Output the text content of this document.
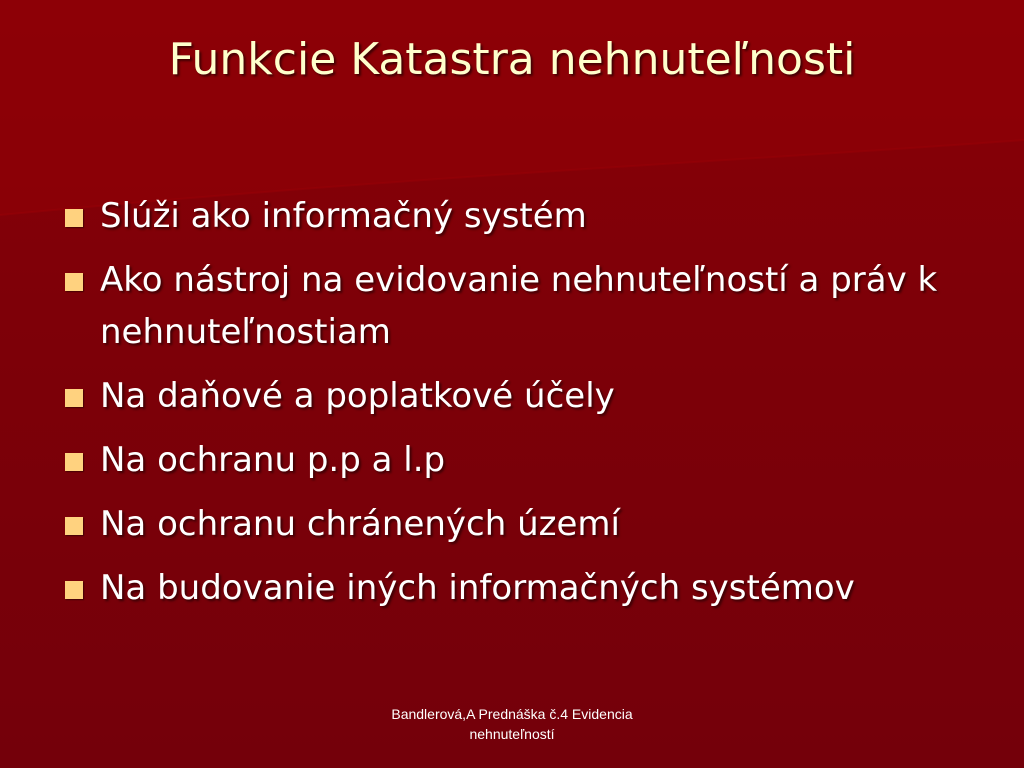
Funkcie Katastra nehnuteľnosti
Slúži ako informačný systém
Ako nástroj na evidovanie nehnuteľností a práv k nehnuteľnostiam
Na daňové a poplatkové účely
Na ochranu p.p a l.p
Na ochranu chránených území
Na budovanie iných informačných systémov
Bandlerová,A Prednáška č.4 Evidencia
nehnuteľností
